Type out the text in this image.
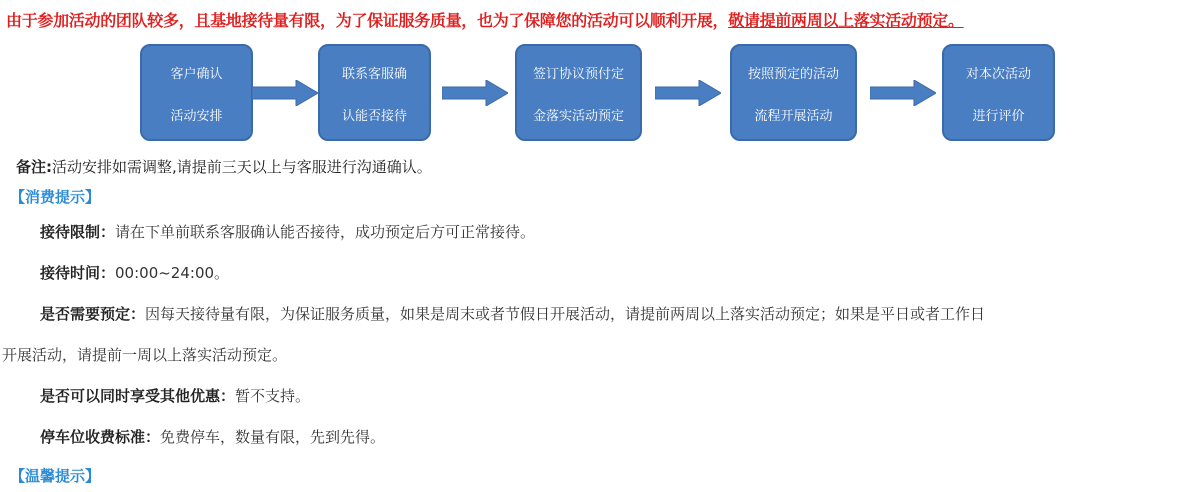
由于参加活动的团队较多，且基地接待量有限，为了保证服务质量，也为了保障您的活动可以顺利开展，敬请提前两周以上落实活动预定。
客户确认
活动安排
联系客服确
认能否接待
签订协议预付定
金落实活动预定
按照预定的活动
流程开展活动
对本次活动
进行评价
备注:活动安排如需调整,请提前三天以上与客服进行沟通确认。
【消费提示】
接待限制：请在下单前联系客服确认能否接待，成功预定后方可正常接待。
接待时间：00:00~24:00。
是否需要预定：因每天接待量有限，为保证服务质量，如果是周末或者节假日开展活动，请提前两周以上落实活动预定；如果是平日或者工作日
开展活动，请提前一周以上落实活动预定。
是否可以同时享受其他优惠：暂不支持。
停车位收费标准：免费停车，数量有限，先到先得。
【温馨提示】
